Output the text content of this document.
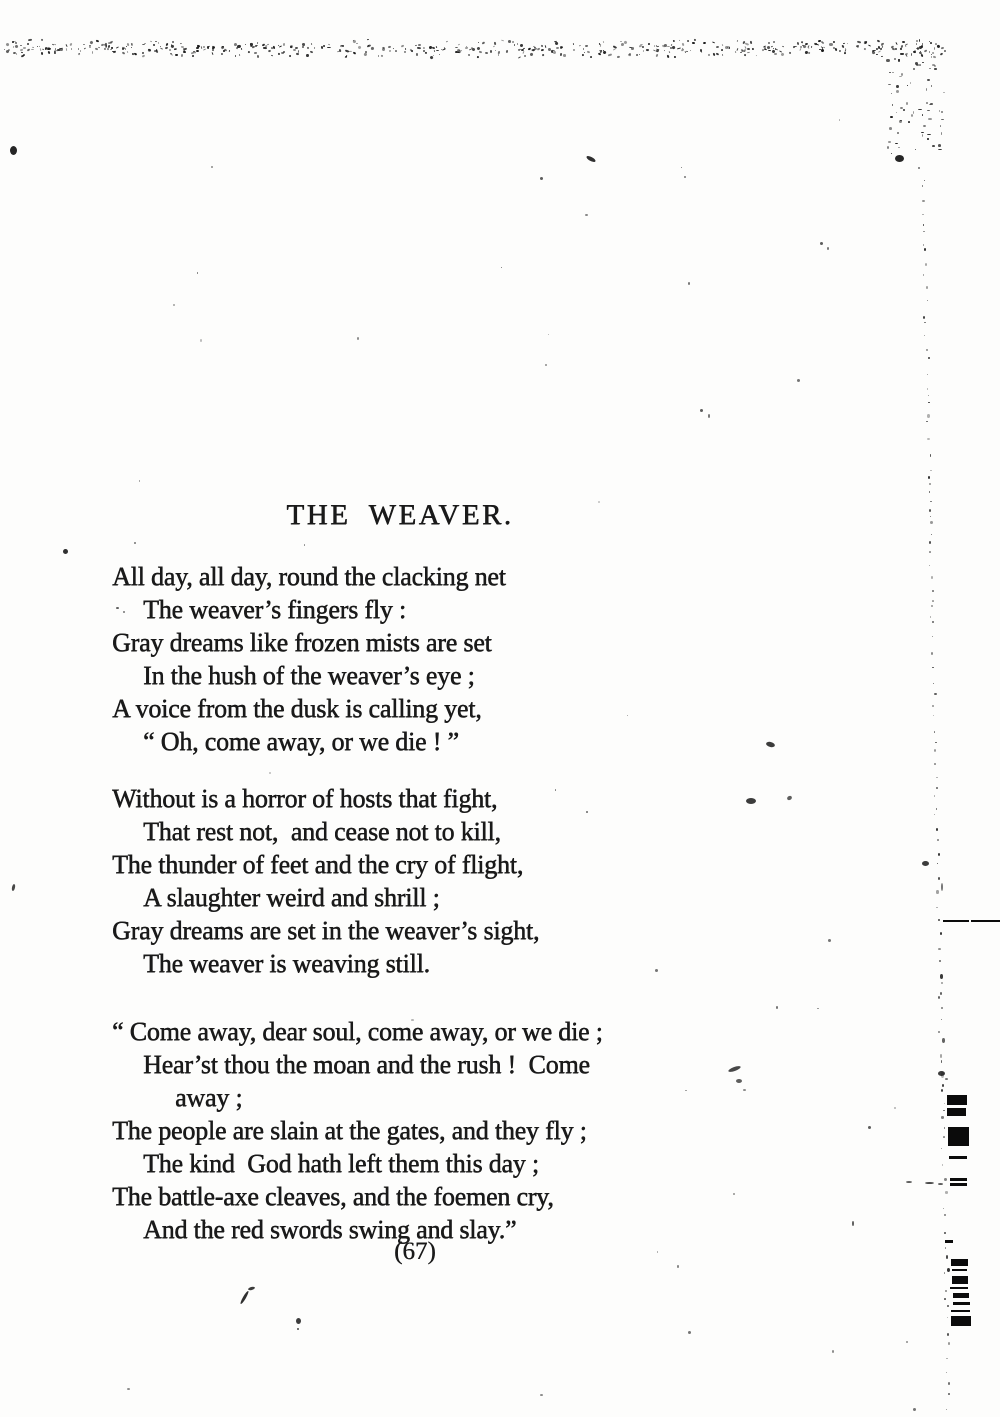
THE WEAVER.
All day, all day, round the clacking net
The weaver’s fingers fly :
Gray dreams like frozen mists are set
In the hush of the weaver’s eye ;
A voice from the dusk is calling yet,
“ Oh, come away, or we die ! ”
Without is a horror of hosts that fight,
That rest not,  and cease not to kill,
The thunder of feet and the cry of flight,
A slaughter weird and shrill ;
Gray dreams are set in the weaver’s sight,
The weaver is weaving still.
“ Come away, dear soul, come away, or we die ;
Hear’st thou the moan and the rush !  Come
away ;
The people are slain at the gates, and they fly ;
The kind  God hath left them this day ;
The battle-axe cleaves, and the foemen cry,
And the red swords swing and slay.”
(67)
